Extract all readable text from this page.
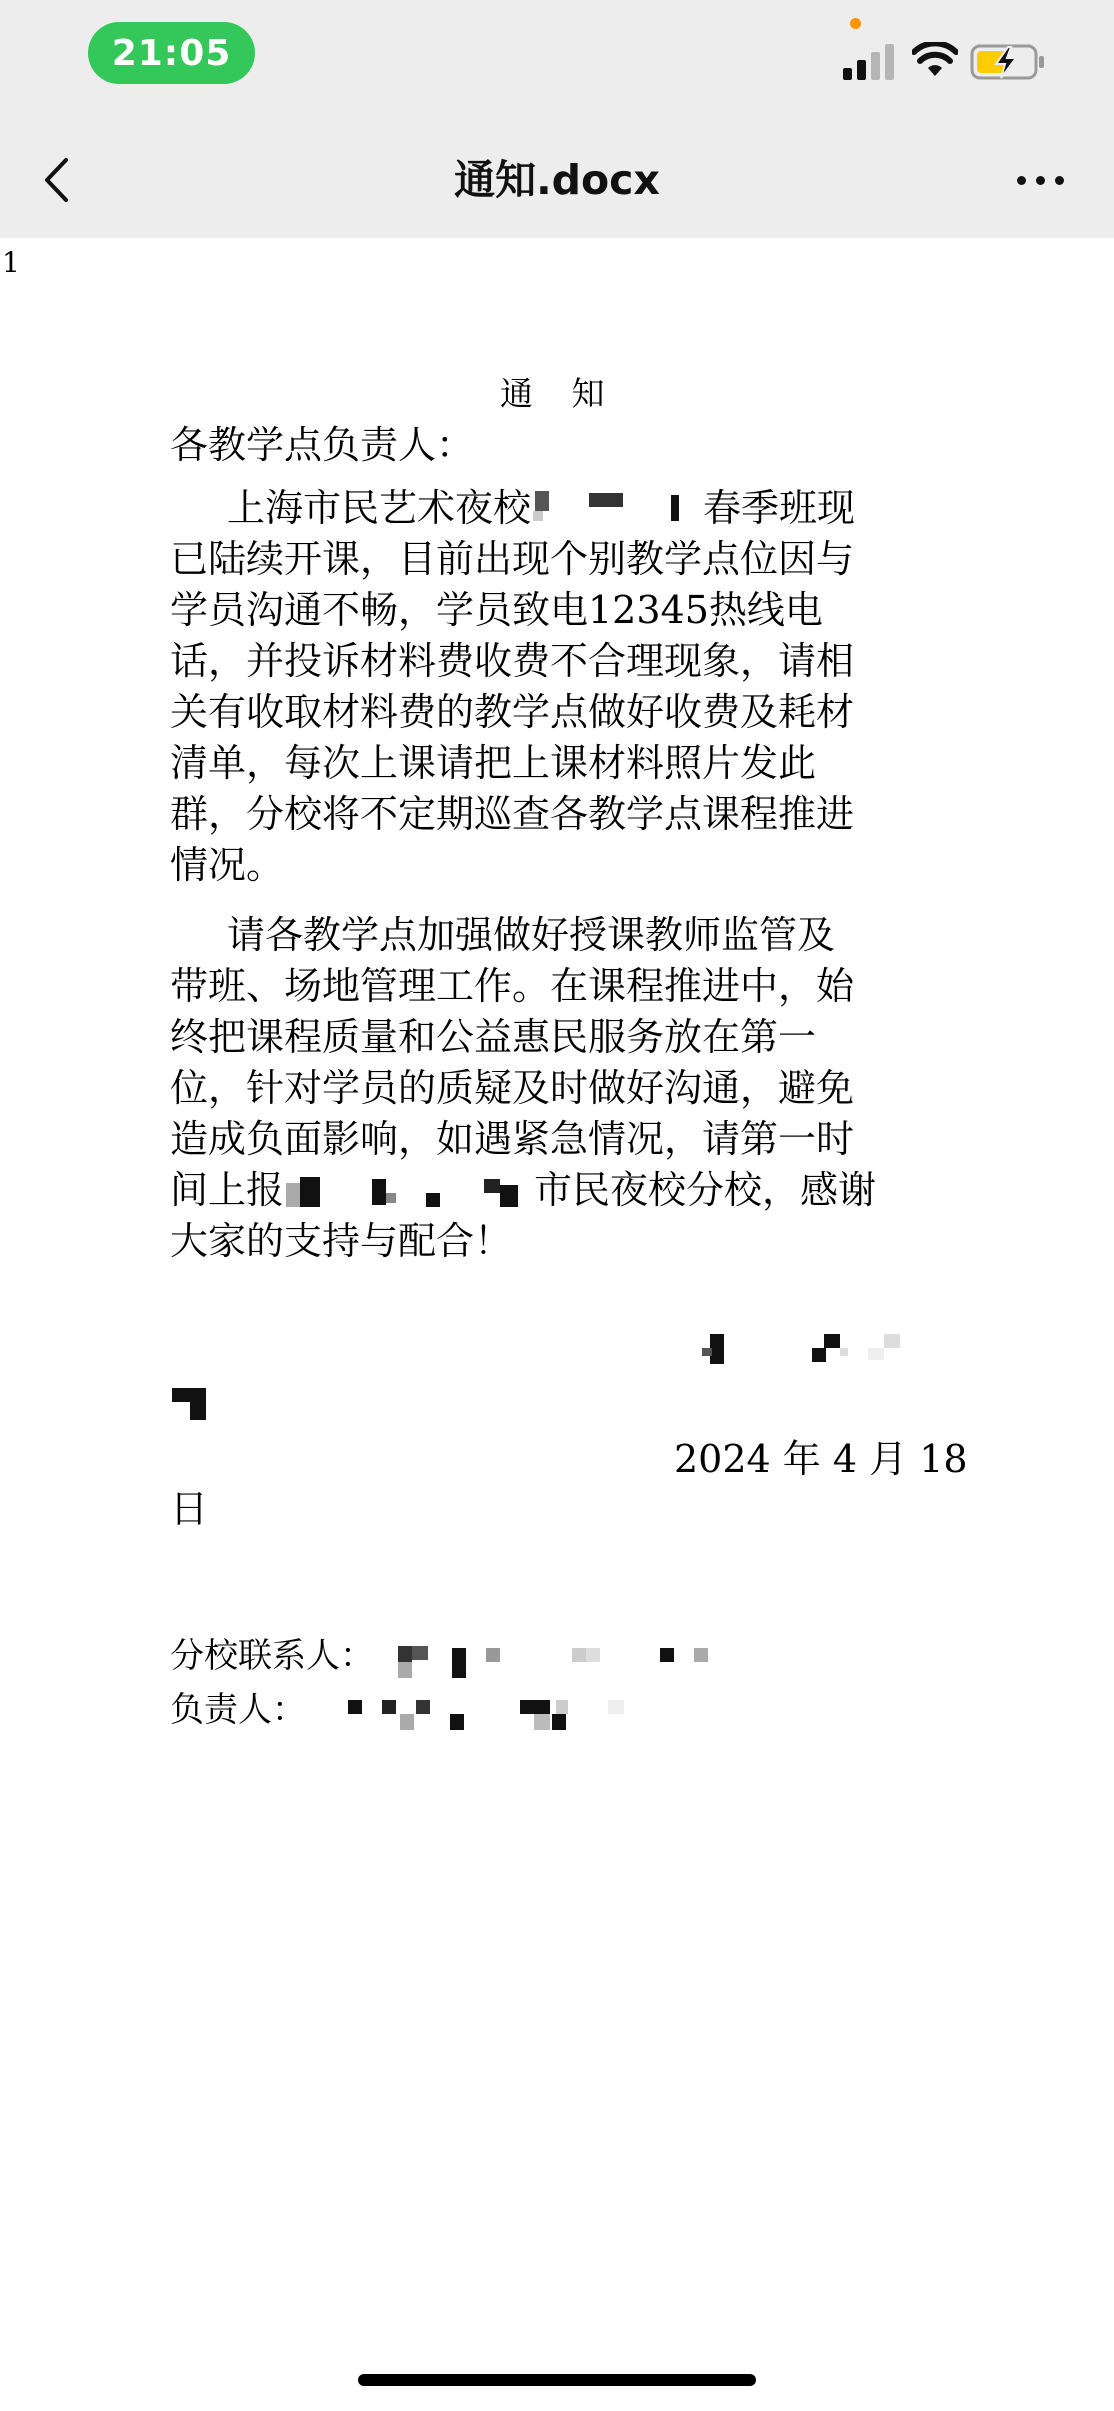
21:05
通知.docx
1
通 知
各教学点负责人：
上海市民艺术夜校	春季班现
已陆续开课，目前出现个别教学点位因与
学员沟通不畅，学员致电12345热线电
话，并投诉材料费收费不合理现象，请相
关有收取材料费的教学点做好收费及耗材
清单，每次上课请把上课材料照片发此
群，分校将不定期巡查各教学点课程推进
情况。
请各教学点加强做好授课教师监管及
带班、场地管理工作。在课程推进中，始
终把课程质量和公益惠民服务放在第一
位，针对学员的质疑及时做好沟通，避免
造成负面影响，如遇紧急情况，请第一时
间上报	市民夜校分校，感谢
大家的支持与配合！
2024 年 4 月 18
日
分校联系人：
负责人：
